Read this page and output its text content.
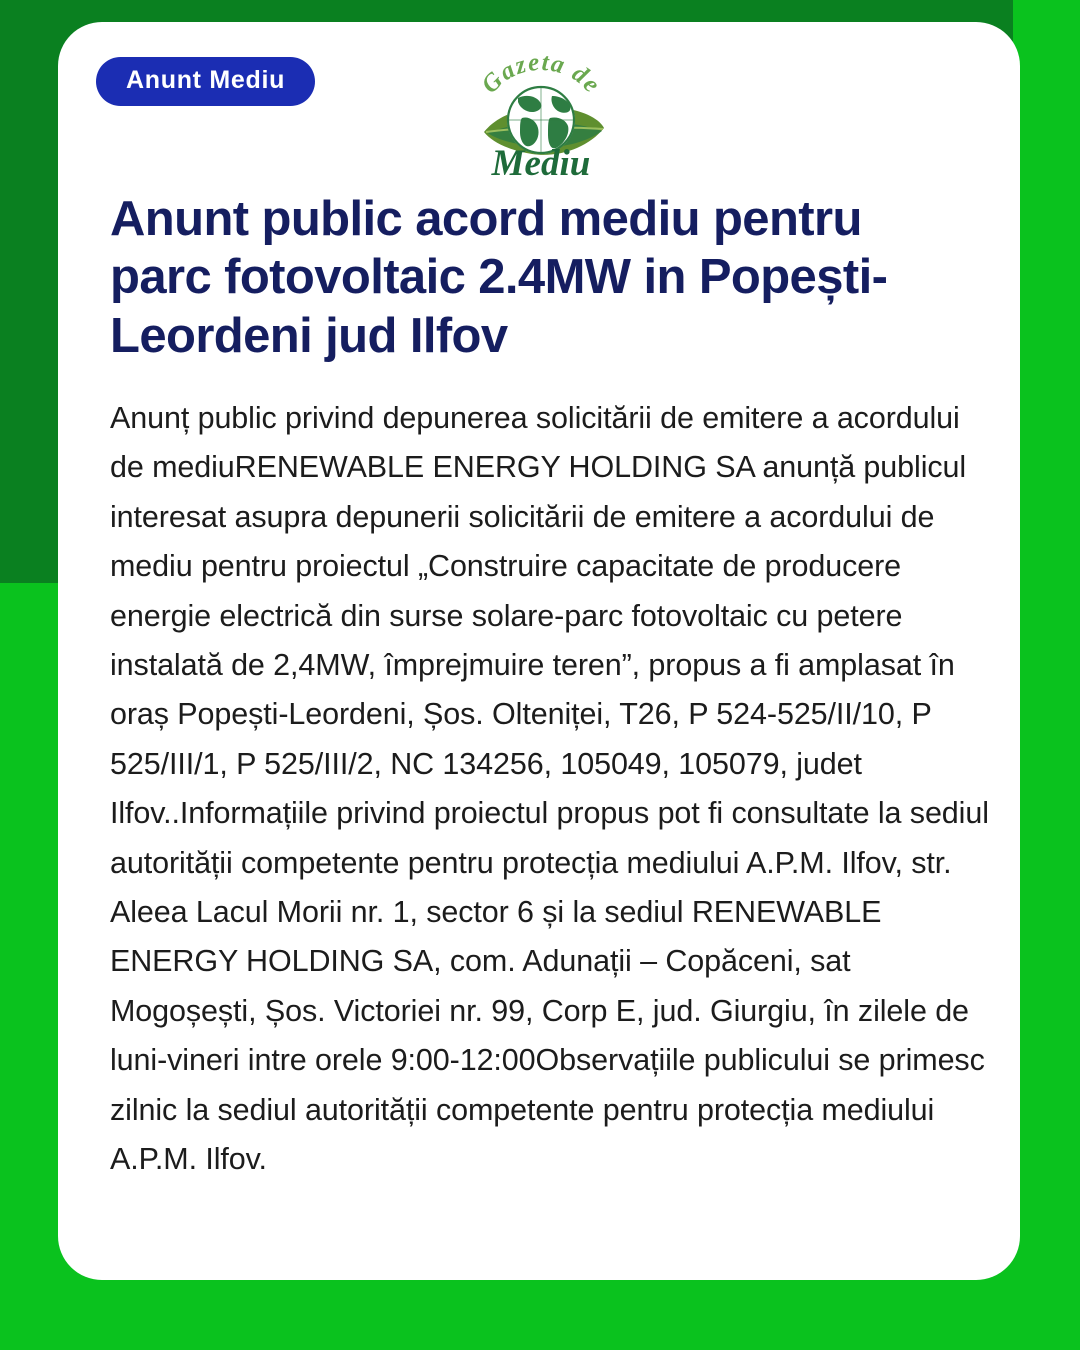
Anunt Mediu	Gazeta de
Mediu
Anunt public acord mediu pentru parc fotovoltaic 2.4MW in Popești-Leordeni jud Ilfov
Anunț public privind depunerea solicitării de emitere a acordului de mediuRENEWABLE ENERGY HOLDING SA anunță publicul interesat asupra depunerii solicitării de emitere a acordului de mediu pentru proiectul „Construire capacitate de producere energie electrică din surse solare-parc fotovoltaic cu petere instalată de 2,4MW, împrejmuire teren”, propus a fi amplasat în oraș Popești-Leordeni, Șos. Olteniței, T26, P 524-525/II/10, P 525/III/1, P 525/III/2, NC 134256, 105049, 105079, judet Ilfov..Informațiile privind proiectul propus pot fi consultate la sediul autorității competente pentru protecția mediului A.P.M. Ilfov, str. Aleea Lacul Morii nr. 1, sector 6 și la sediul RENEWABLE ENERGY HOLDING SA, com. Adunații – Copăceni, sat Mogoșești, Șos. Victoriei nr. 99, Corp E, jud. Giurgiu, în zilele de luni-vineri intre orele 9:00-12:00Observațiile publicului se primesc zilnic la sediul autorității competente pentru protecția mediului A.P.M. Ilfov.
